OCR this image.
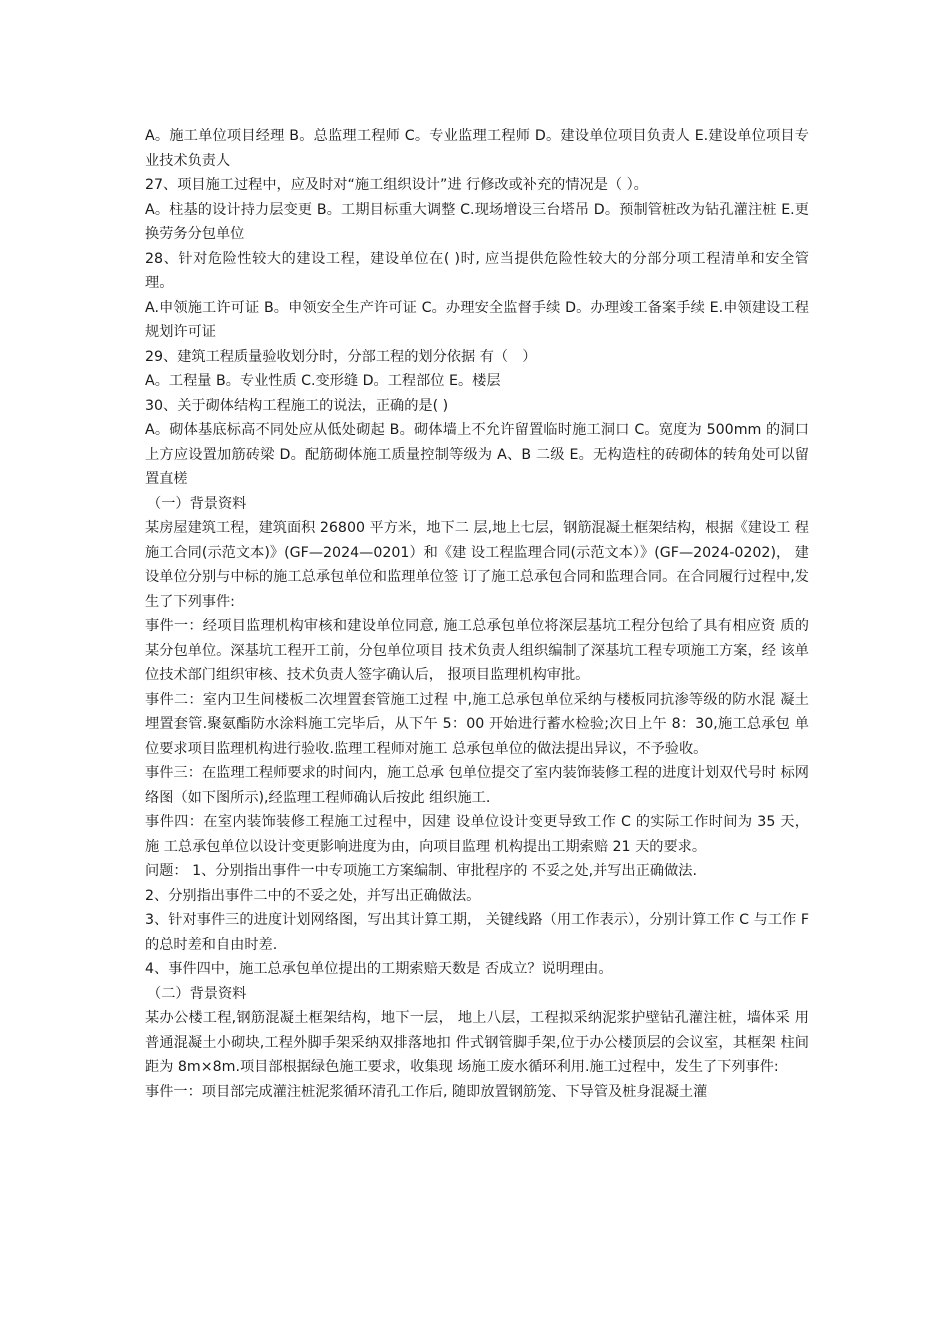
A。施工单位项目经理 B。总监理工程师 C。专业监理工程师 D。建设单位项目负责人 E.建设单位项目专业技术负责人

27、项目施工过程中，应及时对“施工组织设计”进 行修改或补充的情况是（ ）。

A。柱基的设计持力层变更 B。工期目标重大调整 C.现场增设三台塔吊 D。预制管桩改为钻孔灌注桩 E.更换劳务分包单位

28、针对危险性较大的建设工程，建设单位在( )时, 应当提供危险性较大的分部分项工程清单和安全管理。

A.申领施工许可证 B。申领安全生产许可证 C。办理安全监督手续 D。办理竣工备案手续 E.申领建设工程规划许可证

29、建筑工程质量验收划分时，分部工程的划分依据 有（　）

A。工程量 B。专业性质 C.变形缝 D。工程部位 E。楼层

30、关于砌体结构工程施工的说法，正确的是( )

A。砌体基底标高不同处应从低处砌起 B。砌体墙上不允许留置临时施工洞口 C。宽度为 500mm 的洞口上方应设置加筋砖梁 D。配筋砌体施工质量控制等级为 A、B 二级 E。无构造柱的砖砌体的转角处可以留置直槎

（一）背景资料

某房屋建筑工程，建筑面积 26800 平方米，地下二 层,地上七层，钢筋混凝土框架结构，根据《建设工 程施工合同(示范文本)》(GF—2024—0201）和《建 设工程监理合同(示范文本）》(GF—2024-0202)， 建设单位分别与中标的施工总承包单位和监理单位签 订了施工总承包合同和监理合同。在合同履行过程中,发生了下列事件:

事件一：经项目监理机构审核和建设单位同意, 施工总承包单位将深层基坑工程分包给了具有相应资 质的某分包单位。深基坑工程开工前，分包单位项目 技术负责人组织编制了深基坑工程专项施工方案，经 该单位技术部门组织审核、技术负责人签字确认后， 报项目监理机构审批。

事件二：室内卫生间楼板二次埋置套管施工过程 中,施工总承包单位采纳与楼板同抗渗等级的防水混 凝土埋置套管.聚氨酯防水涂料施工完毕后，从下午 5：00 开始进行蓄水检验;次日上午 8：30,施工总承包 单位要求项目监理机构进行验收.监理工程师对施工 总承包单位的做法提出异议，不予验收。

事件三：在监理工程师要求的时间内，施工总承 包单位提交了室内装饰装修工程的进度计划双代号时 标网络图（如下图所示),经监理工程师确认后按此 组织施工.

事件四：在室内装饰装修工程施工过程中，因建 设单位设计变更导致工作 C 的实际工作时间为 35 天， 施 工总承包单位以设计变更影响进度为由，向项目监理 机构提出工期索赔 21 天的要求。

问题： 1、分别指出事件一中专项施工方案编制、审批程序的 不妥之处,并写出正确做法.

2、分别指出事件二中的不妥之处，并写出正确做法。

3、针对事件三的进度计划网络图，写出其计算工期， 关键线路（用工作表示），分别计算工作 C 与工作 F 的总时差和自由时差.

4、事件四中，施工总承包单位提出的工期索赔天数是 否成立？说明理由。

（二）背景资料

某办公楼工程,钢筋混凝土框架结构，地下一层， 地上八层，工程拟采纳泥浆护壁钻孔灌注桩，墙体采 用普通混凝土小砌块,工程外脚手架采纳双排落地扣 件式钢管脚手架,位于办公楼顶层的会议室，其框架 柱间距为 8m×8m.项目部根据绿色施工要求，收集现 场施工废水循环利用.施工过程中，发生了下列事件:

事件一：项目部完成灌注桩泥浆循环清孔工作后, 随即放置钢筋笼、下导管及桩身混凝土灌
